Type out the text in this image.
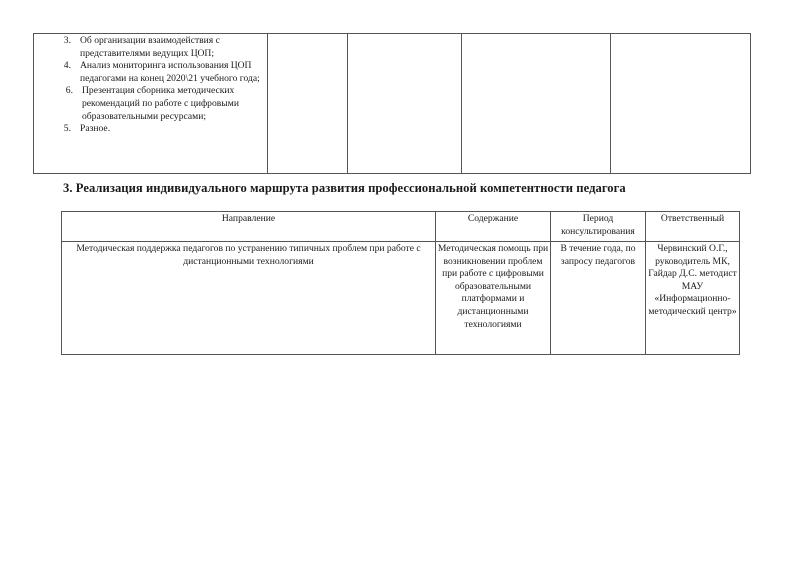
3. Об организации взаимодействия с представителями ведущих ЦОП;
4. Анализ мониторинга использования ЦОП педагогами на конец 2020\21 учебного года;
6. Презентация сборника методических рекомендаций по работе с цифровыми образовательными ресурсами;
5. Разное.

3. Реализация индивидуального маршрута развития профессиональной компетентности педагога
Направление	Содержание	Период консультирования	Ответственный
Методическая поддержка педагогов по устранению типичных проблем при работе с дистанционными технологиями	Методическая помощь при возникновении проблем при работе с цифровыми образовательными платформами и дистанционными технологиями	В течение года, по запросу педагогов	Червинский О.Г., руководитель МК, Гайдар Д.С. методист МАУ «Информационно-методический центр»
